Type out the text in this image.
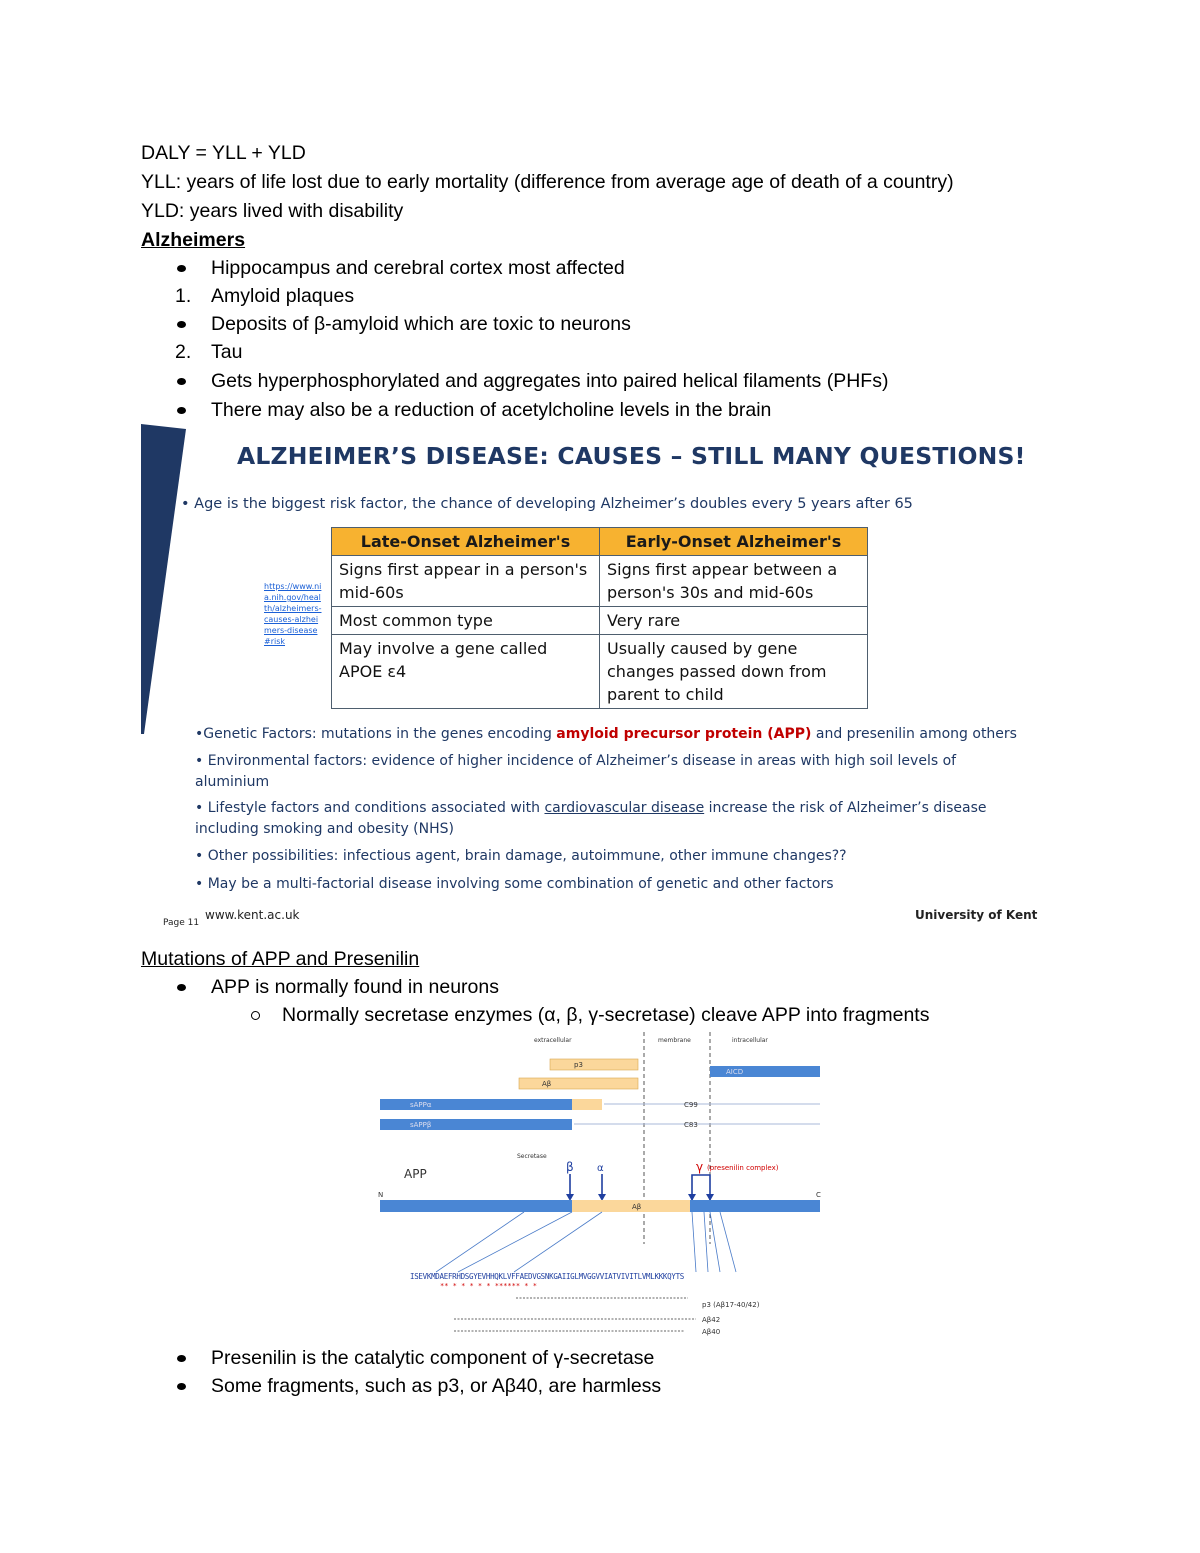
DALY = YLL + YLD
YLL: years of life lost due to early mortality (difference from average age of death of a country)
YLD: years lived with disability
Alzheimers
Hippocampus and cerebral cortex most affected
1. Amyloid plaques
Deposits of β-amyloid which are toxic to neurons
2. Tau
Gets hyperphosphorylated and aggregates into paired helical filaments (PHFs)
There may also be a reduction of acetylcholine levels in the brain
ALZHEIMER’S DISEASE: CAUSES – STILL MANY QUESTIONS!
• Age is the biggest risk factor, the chance of developing Alzheimer’s doubles every 5 years after 65
https://www.nia.nih.gov/health/alzheimers-causes-alzheimers-disease#risk
Late-Onset Alzheimer's	Early-Onset Alzheimer's
Signs first appear in a person's mid-60s	Signs first appear between a person's 30s and mid-60s
Most common type	Very rare
May involve a gene called APOE ε4	Usually caused by gene changes passed down from parent to child
•Genetic Factors: mutations in the genes encoding amyloid precursor protein (APP) and presenilin among others
• Environmental factors: evidence of higher incidence of Alzheimer’s disease in areas with high soil levels of
aluminium
• Lifestyle factors and conditions associated with cardiovascular disease increase the risk of Alzheimer’s disease
including smoking and obesity (NHS)
• Other possibilities: infectious agent, brain damage, autoimmune, other immune changes??
• May be a multi-factorial disease involving some combination of genetic and other factors
Page 11
www.kent.ac.uk	University of Kent
Mutations of APP and Presenilin
APP is normally found in neurons
Normally secretase enzymes (α, β, γ-secretase) cleave APP into fragments
extracellular	membrane	intracellular
p3
Aβ
AICD
sAPPα	C99
sAPPβ	C83
Secretase
β α	γ (presenilin complex)
APP
N	C
Aβ
ISEVKMDAEFRHDSGYEVHHQKLVFFAEDVGSNKGAIIGLMVGGVVIATVIVITLVMLKKKQYTS
** * * * * * ****** * *
p3 (Aβ17-40/42)
Aβ42
Aβ40
Presenilin is the catalytic component of γ-secretase
Some fragments, such as p3, or Aβ40, are harmless
